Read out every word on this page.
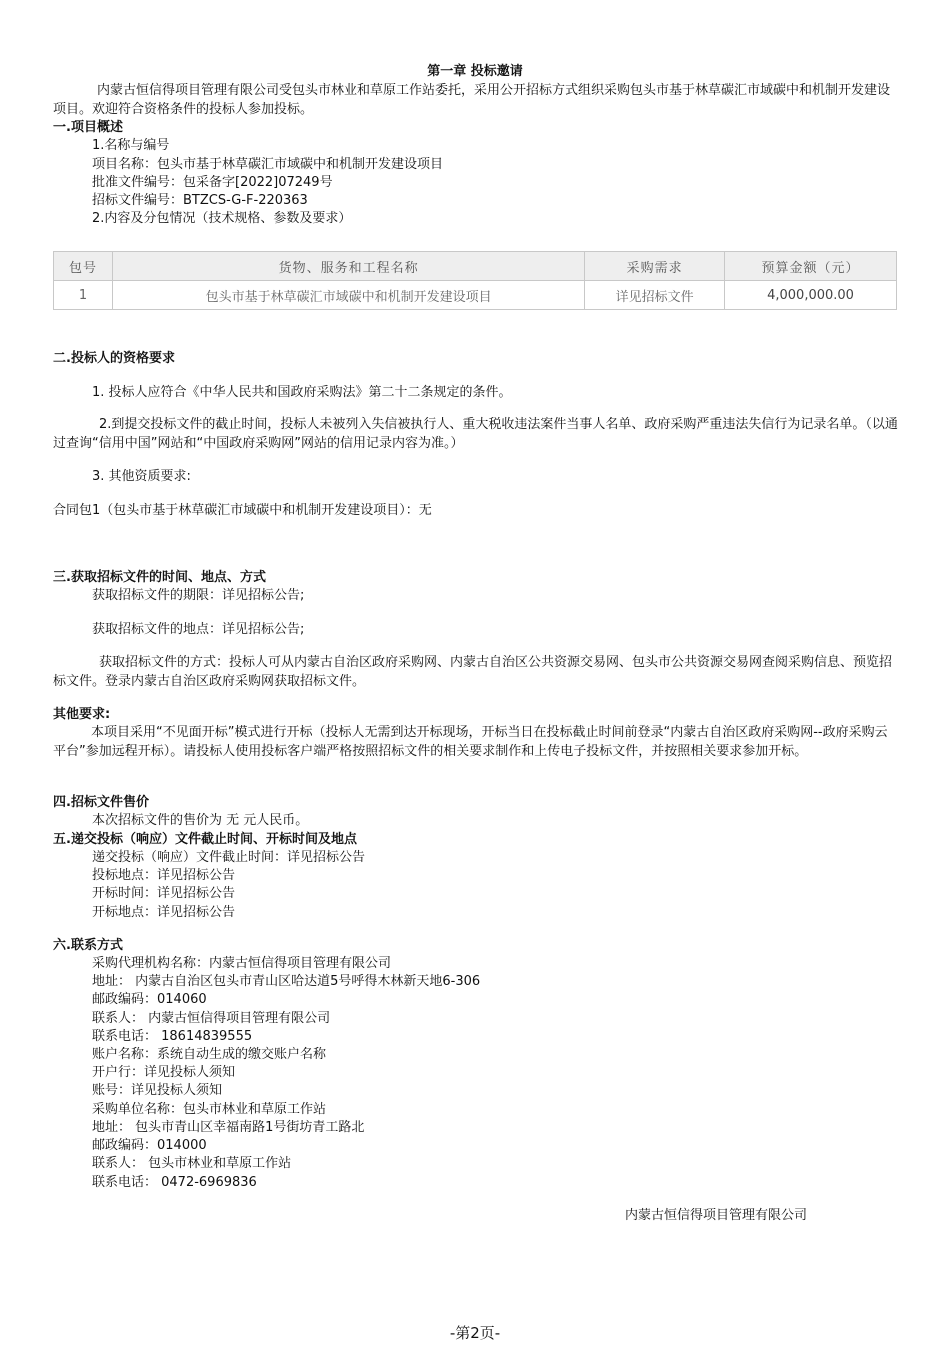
第一章 投标邀请
内蒙古恒信得项目管理有限公司受包头市林业和草原工作站委托，采用公开招标方式组织采购包头市基于林草碳汇市域碳中和机制开发建设项目。欢迎符合资格条件的投标人参加投标。
一.项目概述
1.名称与编号
项目名称：包头市基于林草碳汇市域碳中和机制开发建设项目
批准文件编号：包采备字[2022]07249号
招标文件编号：BTZCS-G-F-220363
2.内容及分包情况（技术规格、参数及要求）
包号	货物、服务和工程名称	采购需求	预算金额（元）
1	包头市基于林草碳汇市域碳中和机制开发建设项目	详见招标文件	4,000,000.00
二.投标人的资格要求
1. 投标人应符合《中华人民共和国政府采购法》第二十二条规定的条件。
2.到提交投标文件的截止时间，投标人未被列入失信被执行人、重大税收违法案件当事人名单、政府采购严重违法失信行为记录名单。（以通过查询“信用中国”网站和“中国政府采购网”网站的信用记录内容为准。）
3. 其他资质要求:
合同包1（包头市基于林草碳汇市域碳中和机制开发建设项目）：无
三.获取招标文件的时间、地点、方式
获取招标文件的期限：详见招标公告;
获取招标文件的地点：详见招标公告;
获取招标文件的方式：投标人可从内蒙古自治区政府采购网、内蒙古自治区公共资源交易网、包头市公共资源交易网查阅采购信息、预览招标文件。登录内蒙古自治区政府采购网获取招标文件。
其他要求:
本项目采用“不见面开标”模式进行开标（投标人无需到达开标现场，开标当日在投标截止时间前登录“内蒙古自治区政府采购网--政府采购云平台”参加远程开标）。请投标人使用投标客户端严格按照招标文件的相关要求制作和上传电子投标文件，并按照相关要求参加开标。
四.招标文件售价
本次招标文件的售价为 无 元人民币。
五.递交投标（响应）文件截止时间、开标时间及地点
递交投标（响应）文件截止时间：详见招标公告
投标地点：详见招标公告
开标时间：详见招标公告
开标地点：详见招标公告
六.联系方式
采购代理机构名称：内蒙古恒信得项目管理有限公司
地址： 内蒙古自治区包头市青山区哈达道5号呼得木林新天地6-306
邮政编码：014060
联系人： 内蒙古恒信得项目管理有限公司
联系电话： 18614839555
账户名称：系统自动生成的缴交账户名称
开户行：详见投标人须知
账号：详见投标人须知
采购单位名称：包头市林业和草原工作站
地址： 包头市青山区幸福南路1号街坊青工路北
邮政编码：014000
联系人： 包头市林业和草原工作站
联系电话： 0472-6969836
内蒙古恒信得项目管理有限公司
-第2页-
